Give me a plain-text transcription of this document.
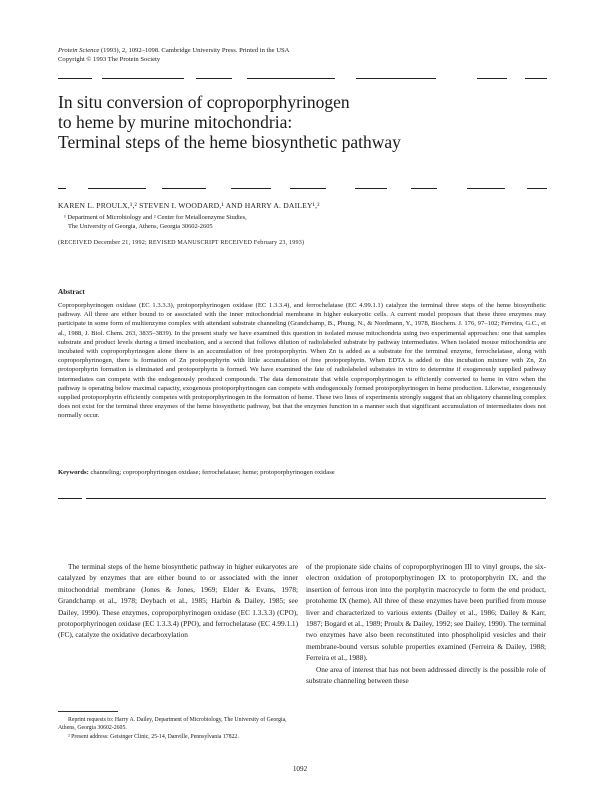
Protein Science (1993), 2, 1092–1098. Cambridge University Press. Printed in the USA
Copyright © 1993 The Protein Society
In situ conversion of coproporphyrinogen
to heme by murine mitochondria:
Terminal steps of the heme biosynthetic pathway
KAREN L. PROULX,¹,² STEVEN I. WOODARD,¹ AND HARRY A. DAILEY¹,²
¹ Department of Microbiology and ² Center for Metalloenzyme Studies,
The University of Georgia, Athens, Georgia 30602-2605
(RECEIVED December 21, 1992; REVISED MANUSCRIPT RECEIVED February 23, 1993)
Abstract
Coproporphyrinogen oxidase (EC 1.3.3.3), protoporphyrinogen oxidase (EC 1.3.3.4), and ferrochelatase (EC 4.99.1.1) catalyze the terminal three steps of the heme biosynthetic pathway. All three are either bound to or associated with the inner mitochondrial membrane in higher eukaryotic cells. A current model proposes that these three enzymes may participate in some form of multienzyme complex with attendant substrate channeling (Grandchamp, B., Phung, N., & Nordmann, Y., 1978, Biochem. J. 176, 97–102; Ferreira, G.C., et al., 1988, J. Biol. Chem. 263, 3835–3839). In the present study we have examined this question in isolated mouse mitochondria using two experimental approaches: one that samples substrate and product levels during a timed incubation, and a second that follows dilution of radiolabeled substrate by pathway intermediates. When isolated mouse mitochondria are incubated with coproporphyrinogen alone there is an accumulation of free protoporphyrin. When Zn is added as a substrate for the terminal enzyme, ferrochelatase, along with coproporphyrinogen, there is formation of Zn protoporphyrin with little accumulation of free protoporphyrin. When EDTA is added to this incubation mixture with Zn, Zn protoporphyrin formation is eliminated and protoporphyrin is formed. We have examined the fate of radiolabeled substrates in vitro to determine if exogenously supplied pathway intermediates can compete with the endogenously produced compounds. The data demonstrate that while coproporphyrinogen is efficiently converted to heme in vitro when the pathway is operating below maximal capacity, exogenous protoporphyrinogen can compete with endogenously formed protoporphyrinogen in heme production. Likewise, exogenously supplied protoporphyrin efficiently competes with protoporphyrinogen in the formation of heme. These two lines of experiments strongly suggest that an obligatory channeling complex does not exist for the terminal three enzymes of the heme biosynthetic pathway, but that the enzymes function in a manner such that significant accumulation of intermediates does not normally occur.
Keywords: channeling; coproporphyrinogen oxidase; ferrochelatase; heme; protoporphyrinogen oxidase

The terminal steps of the heme biosynthetic pathway in higher eukaryotes are catalyzed by enzymes that are either bound to or associated with the inner mitochondrial membrane (Jones & Jones, 1969; Elder & Evans, 1978; Grandchamp et al., 1978; Deybach et al., 1985; Harbin & Dailey, 1985; see Dailey, 1990). These enzymes, coproporphyrinogen oxidase (EC 1.3.3.3) (CPO), protoporphyrinogen oxidase (EC 1.3.3.4) (PPO), and ferrochelatase (EC 4.99.1.1) (FC), catalyze the oxidative decarboxylation

of the propionate side chains of coproporphyrinogen III to vinyl groups, the six-electron oxidation of protoporphyrinogen IX to protoporphyrin IX, and the insertion of ferrous iron into the porphyrin macrocycle to form the end product, protoheme IX (heme). All three of these enzymes have been purified from mouse liver and characterized to various extents (Dailey et al., 1986; Dailey & Karr, 1987; Bogard et al., 1989; Proulx & Dailey, 1992; see Dailey, 1990). The terminal two enzymes have also been reconstituted into phospholipid vesicles and their membrane-bound versus soluble properties examined (Ferreira & Dailey, 1988; Ferreira et al., 1988).

One area of interest that has not been addressed directly is the possible role of substrate channeling between these

Reprint requests to: Harry A. Dailey, Department of Microbiology, The University of Georgia, Athens, Georgia 30602-2605.
² Present address: Geisinger Clinic, 25-14, Danville, Pennsylvania 17822.
1092
